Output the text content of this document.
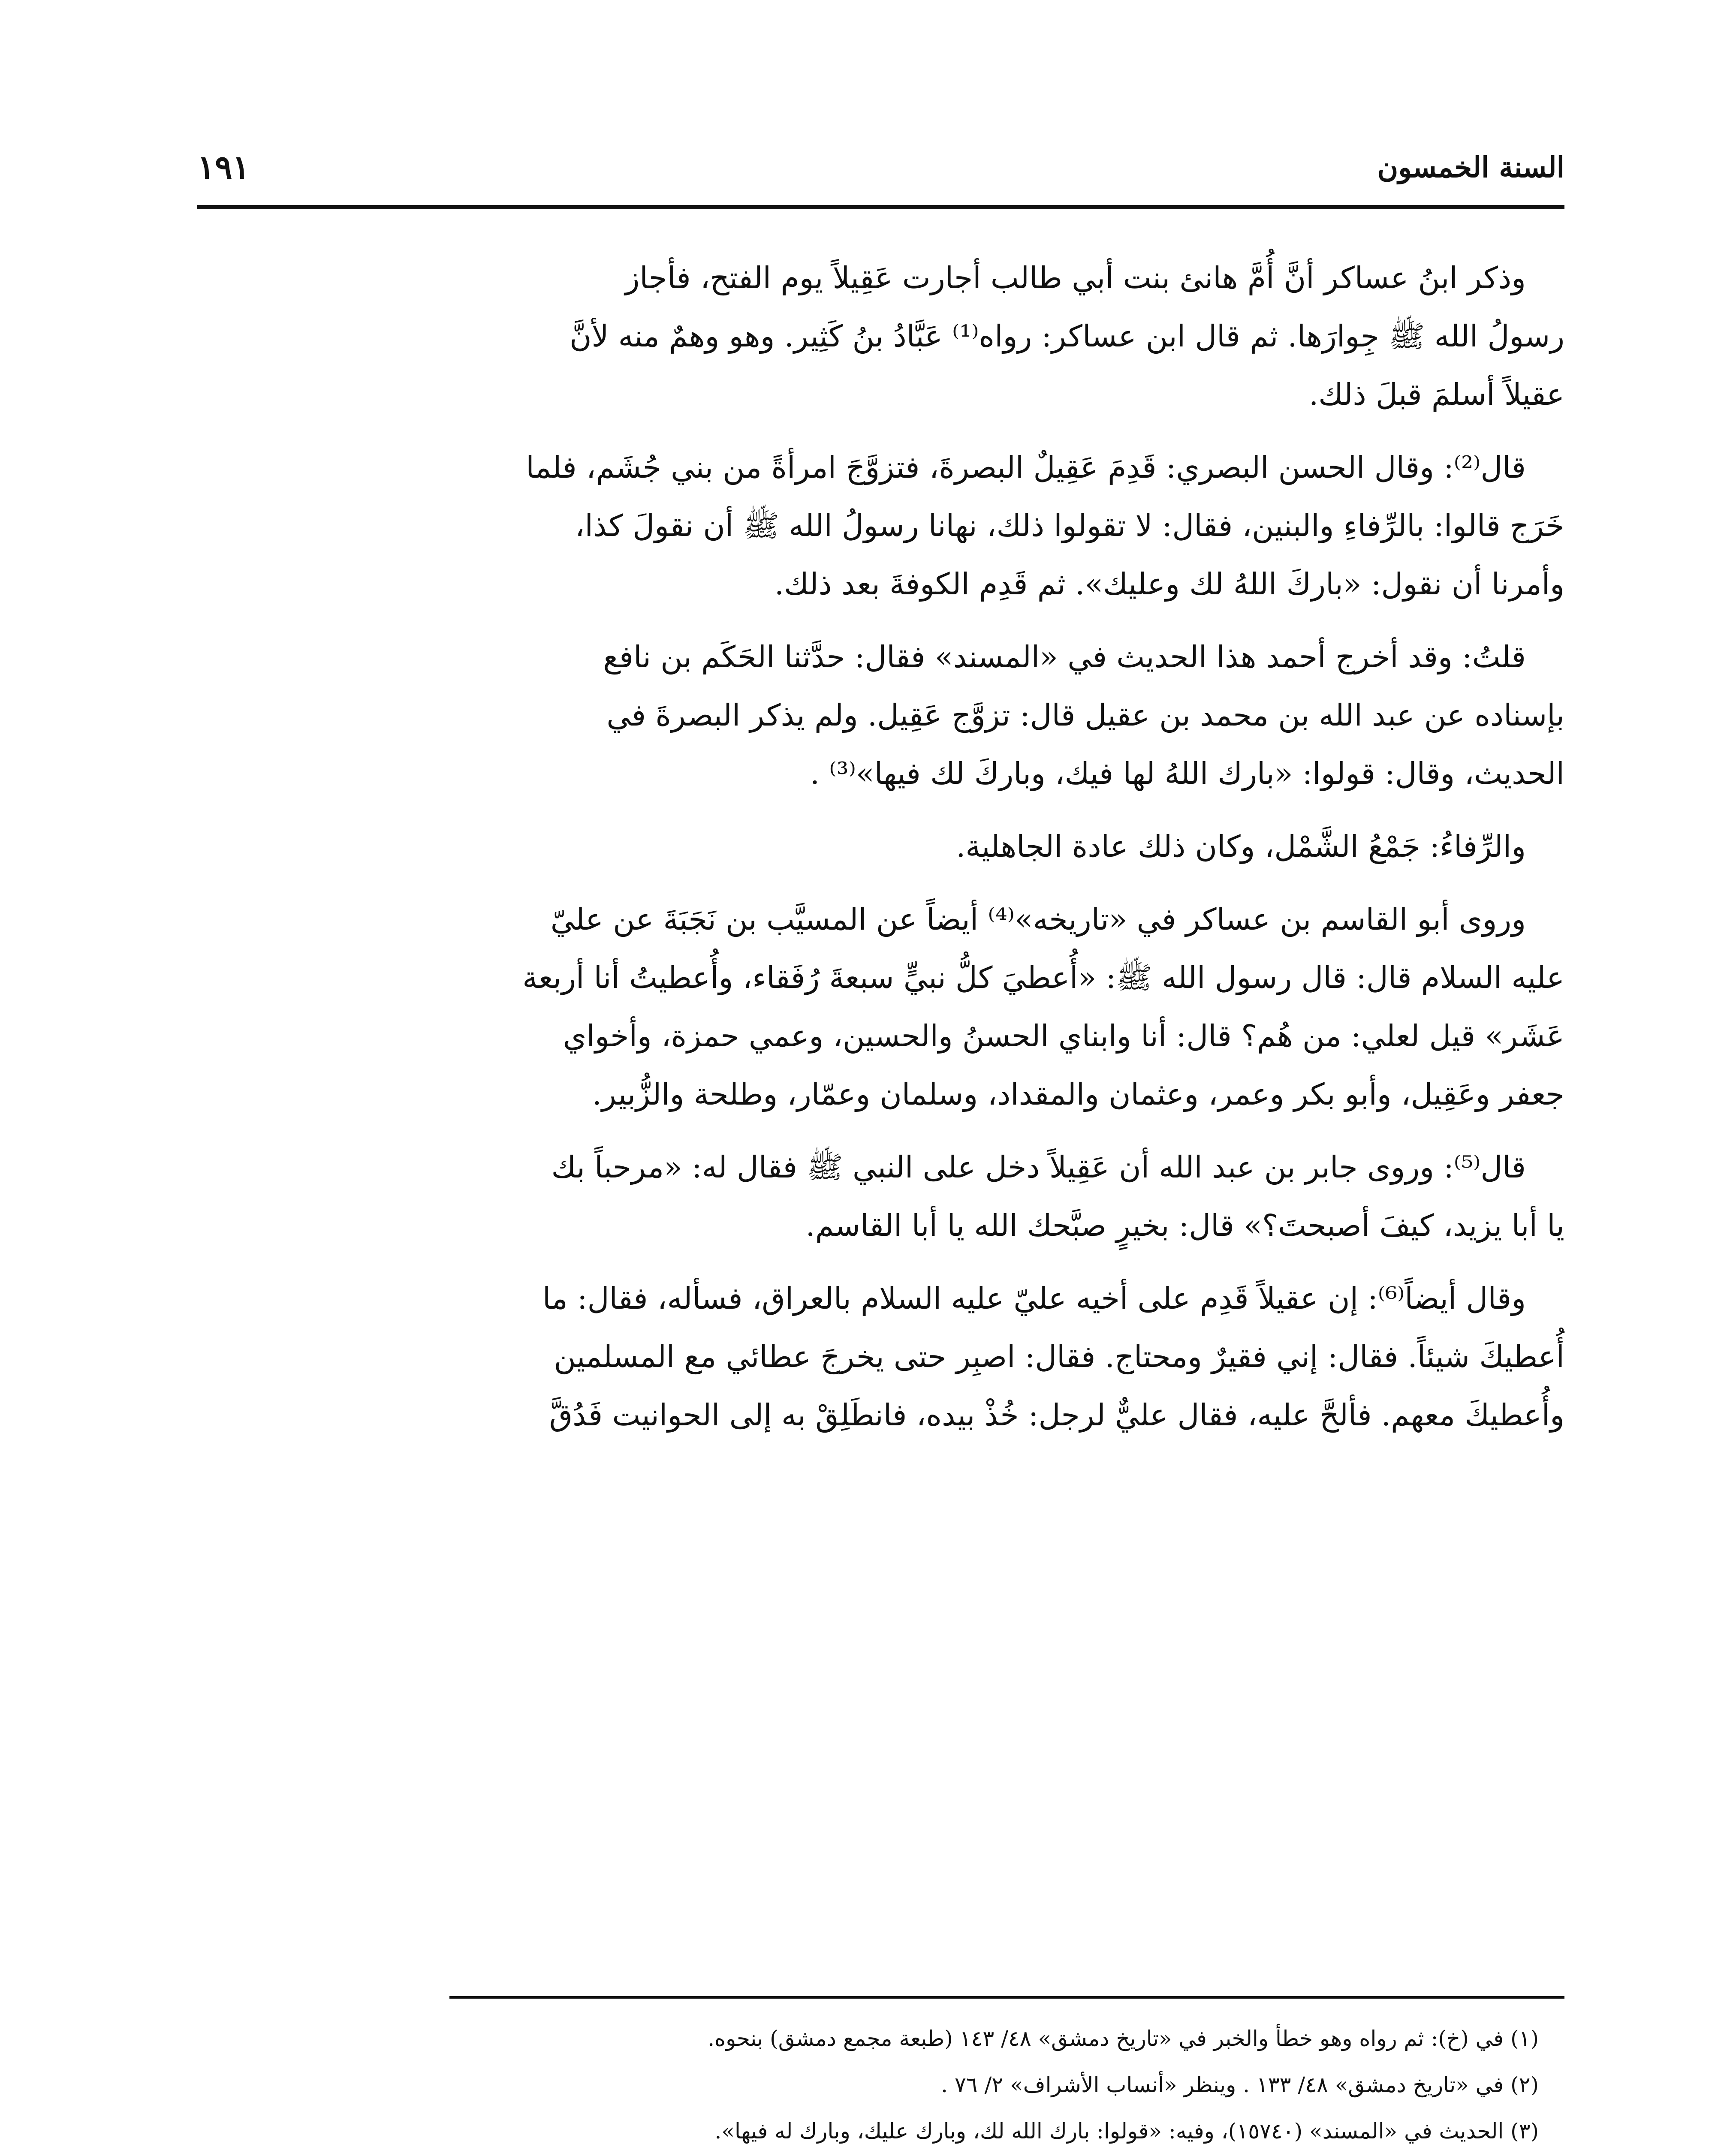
السنة الخمسون
١٩١

وذكر ابنُ عساكر أنَّ أُمَّ هانئ بنت أبي طالب أجارت عَقِيلاً يوم الفتح، فأجاز
رسولُ الله ﷺ جِوارَها. ثم قال ابن عساكر: رواه⁽¹⁾ عَبَّادُ بنُ كَثِير. وهو وهمٌ منه لأنَّ
عقيلاً أسلمَ قبلَ ذلك.

قال⁽²⁾: وقال الحسن البصري: قَدِمَ عَقِيلٌ البصرةَ، فتزوَّجَ امرأةً من بني جُشَم، فلما
خَرَج قالوا: بالرِّفاءِ والبنين، فقال: لا تقولوا ذلك، نهانا رسولُ الله ﷺ أن نقولَ كذا،
وأمرنا أن نقول: «باركَ اللهُ لك وعليك». ثم قَدِم الكوفةَ بعد ذلك.

قلتُ: وقد أخرج أحمد هذا الحديث في «المسند» فقال: حدَّثنا الحَكَم بن نافع
بإسناده عن عبد الله بن محمد بن عقيل قال: تزوَّج عَقِيل. ولم يذكر البصرةَ في
الحديث، وقال: قولوا: «بارك اللهُ لها فيك، وباركَ لك فيها»⁽³⁾ .

والرِّفاءُ: جَمْعُ الشَّمْل، وكان ذلك عادة الجاهلية.

وروى أبو القاسم بن عساكر في «تاريخه»⁽⁴⁾ أيضاً عن المسيَّب بن نَجَبَةَ عن عليّ
عليه السلام قال: قال رسول الله ﷺ: «أُعطيَ كلُّ نبيٍّ سبعةَ رُفَقاء، وأُعطيتُ أنا أربعة
عَشَر» قيل لعلي: من هُم؟ قال: أنا وابناي الحسنُ والحسين، وعمي حمزة، وأخواي
جعفر وعَقِيل، وأبو بكر وعمر، وعثمان والمقداد، وسلمان وعمّار، وطلحة والزُّبير.

قال⁽⁵⁾: وروى جابر بن عبد الله أن عَقِيلاً دخل على النبي ﷺ فقال له: «مرحباً بك
يا أبا يزيد، كيفَ أصبحتَ؟» قال: بخيرٍ صبَّحك الله يا أبا القاسم.

وقال أيضاً⁽⁶⁾: إن عقيلاً قَدِم على أخيه عليّ عليه السلام بالعراق، فسأله، فقال: ما
أُعطيكَ شيئاً. فقال: إني فقيرٌ ومحتاج. فقال: اصبِر حتى يخرجَ عطائي مع المسلمين
وأُعطيكَ معهم. فألحَّ عليه، فقال عليٌّ لرجل: خُذْ بيده، فانطَلِقْ به إلى الحوانيت فَدُقَّ

(١) في (خ): ثم رواه وهو خطأ والخبر في «تاريخ دمشق» ٤٨/ ١٤٣ (طبعة مجمع دمشق) بنحوه.

(٢) في «تاريخ دمشق» ٤٨/ ١٣٣ . وينظر «أنساب الأشراف» ٢/ ٧٦ .

(٣) الحديث في «المسند» (١٥٧٤٠)، وفيه: «قولوا: بارك الله لك، وبارك عليك، وبارك له فيها».
